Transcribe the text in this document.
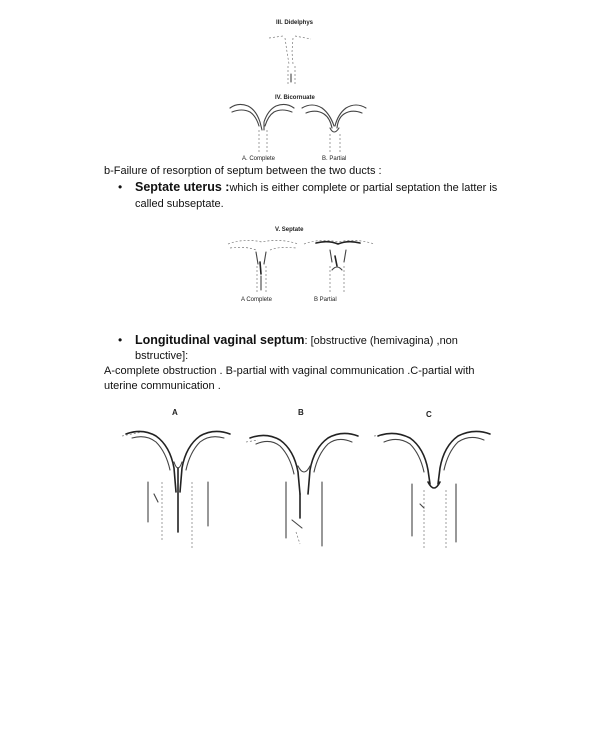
III. Didelphys
IV. Bicornuate
A. Complete	B. Partial
b-Failure of resorption of septum between the two ducts :
• Septate uterus :which is either complete or partial septation the latter is
called subseptate.
V. Septate
A Complete	B Partial
• Longitudinal vaginal septum: [obstructive (hemivagina) ,non
bstructive]:
A-complete obstruction . B-partial with vaginal communication .C-partial with
uterine communication .
A	B	C
